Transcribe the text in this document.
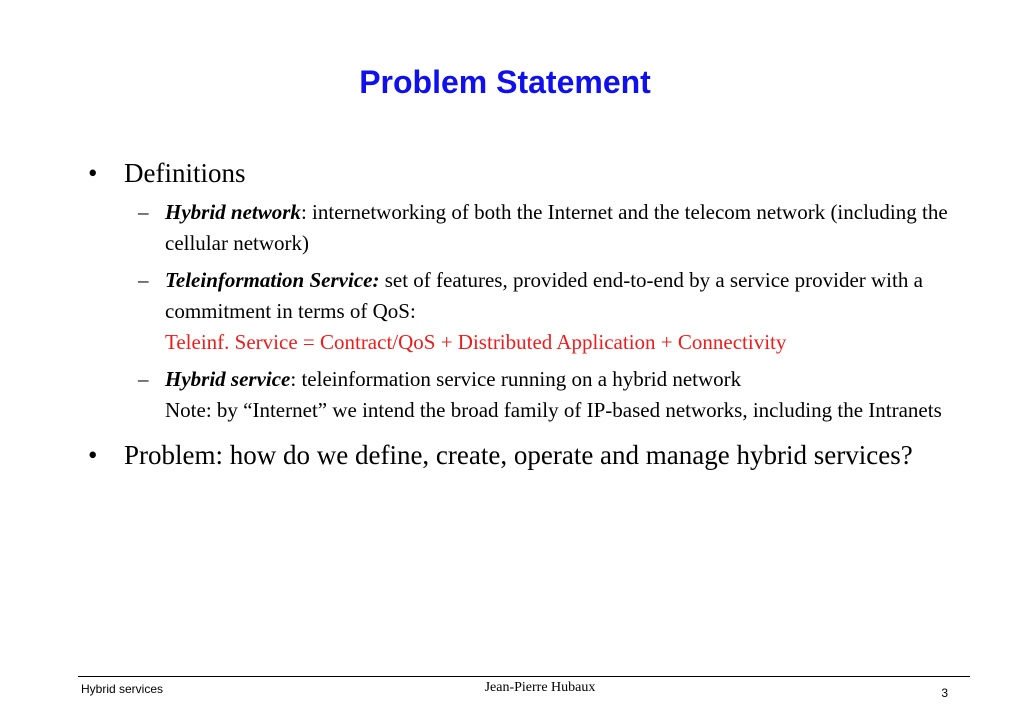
Problem Statement
• Definitions
– Hybrid network: internetworking of both the Internet and the telecom network (including the cellular network)
– Teleinformation Service: set of features, provided end-to-end by a service provider with a commitment in terms of QoS:
Teleinf. Service = Contract/QoS + Distributed Application + Connectivity
– Hybrid service: teleinformation service running on a hybrid network
Note: by “Internet” we intend the broad family of IP-based networks, including the Intranets
• Problem: how do we define, create, operate and manage hybrid services?
Hybrid services	Jean-Pierre Hubaux	3
